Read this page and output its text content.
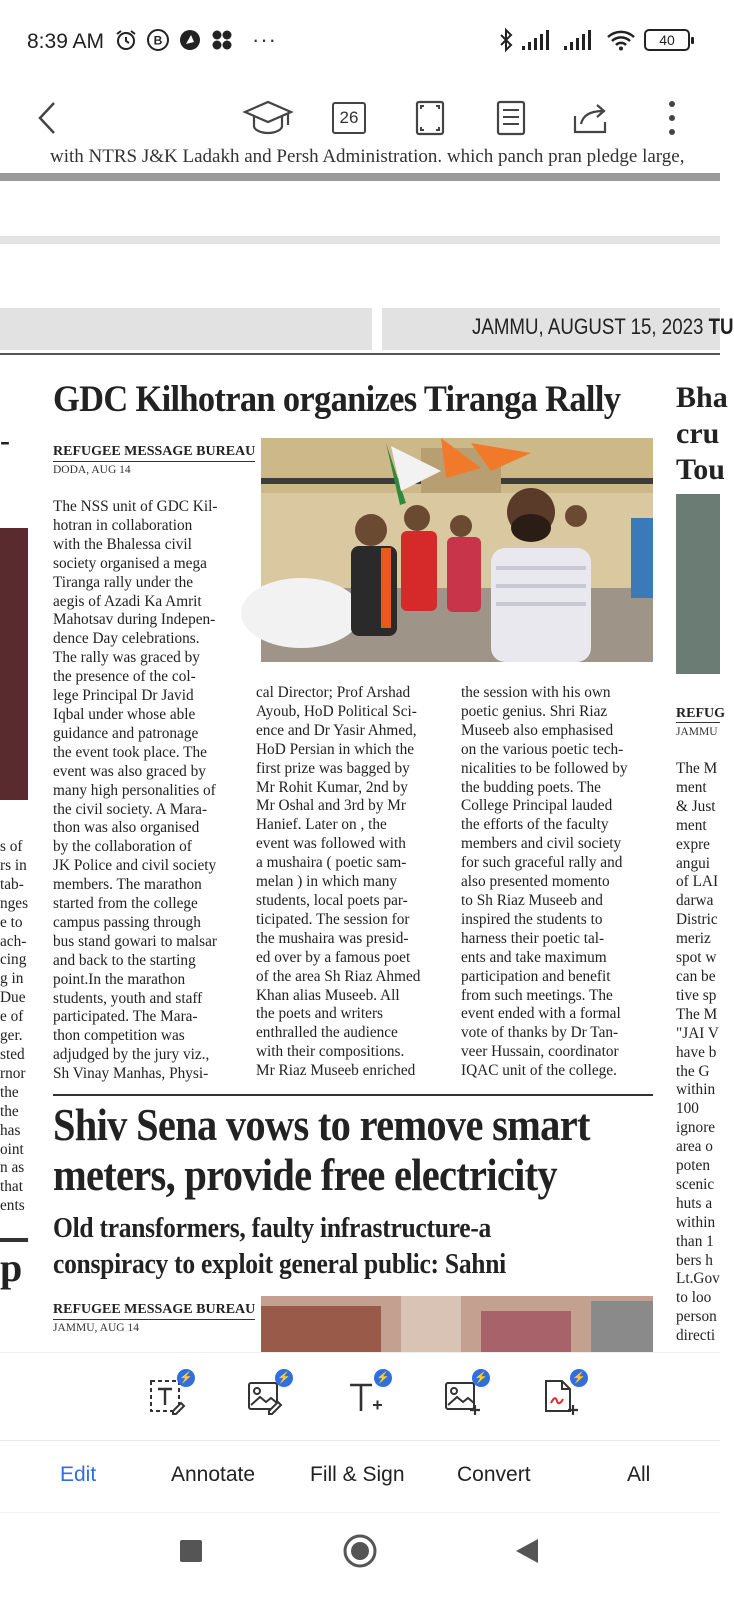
8:39 AM	B	···	40
26
with NTRS J&K Ladakh and Persh Administration. which panch pran pledge large,
JAMMU, AUGUST 15, 2023 TU
-
s of
rs in
tab-
nges
e to
ach-
cing
g in
Due
e of
ger.
sted
rnor
the
the
has
oint
n as
that
ents
p
GDC Kilhotran organizes Tiranga Rally
REFUGEE MESSAGE BUREAU
DODA, AUG 14
The NSS unit of GDC Kil-
hotran in collaboration
with the Bhalessa civil
society organised a mega
Tiranga rally under the
aegis of Azadi Ka Amrit
Mahotsav during Indepen-
dence Day celebrations.
The rally was graced by
the presence of the col-
lege Principal Dr Javid
Iqbal under whose able
guidance and patronage
the event took place. The
event was also graced by
many high personalities of
the civil society. A Mara-
thon was also organised
by the collaboration of
JK Police and civil society
members. The marathon
started from the college
campus passing through
bus stand gowari to malsar
and back to the starting
point.In the marathon
students, youth and staff
participated. The Mara-
thon competition was
adjudged by the jury viz.,
Sh Vinay Manhas, Physi-
cal Director; Prof Arshad
Ayoub, HoD Political Sci-
ence and Dr Yasir Ahmed,
HoD Persian in which the
first prize was bagged by
Mr Rohit Kumar, 2nd by
Mr Oshal and 3rd by Mr
Hanief. Later on , the
event was followed with
a mushaira ( poetic sam-
melan ) in which many
students, local poets par-
ticipated. The session for
the mushaira was presid-
ed over by a famous poet
of the area Sh Riaz Ahmed
Khan alias Museeb. All
the poets and writers
enthralled the audience
with their compositions.
Mr Riaz Museeb enriched
the session with his own
poetic genius. Shri Riaz
Museeb also emphasised
on the various poetic tech-
nicalities to be followed by
the budding poets. The
College Principal lauded
the efforts of the faculty
members and civil society
for such graceful rally and
also presented momento
to Sh Riaz Museeb and
inspired the students to
harness their poetic tal-
ents and take maximum
participation and benefit
from such meetings. The
event ended with a formal
vote of thanks by Dr Tan-
veer Hussain, coordinator
IQAC unit of the college.
Shiv Sena vows to remove smart
meters, provide free electricity
Old transformers, faulty infrastructure-a
conspiracy to exploit general public: Sahni
REFUGEE MESSAGE BUREAU
JAMMU, AUG 14
Bha
cru
Tou
REFUG
JAMMU
The M
ment
& Just
ment
expre
angui
of LAI
darwa
Distric
meriz
spot w
can be
tive sp
The M
"JAI V
have b
the G
within
100
ignore
area o
poten
scenic
huts a
within
than 1
bers h
Lt.Gov
to loo
person
directi
⚡	⚡	⚡	⚡	⚡
Edit	Annotate	Fill & Sign Convert	All
